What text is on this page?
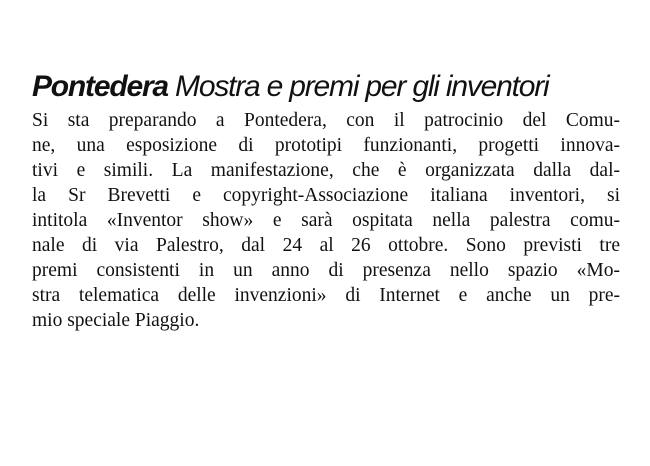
Pontedera Mostra e premi per gli inventori
Si sta preparando a Pontedera, con il patrocinio del Comu-
ne, una esposizione di prototipi funzionanti, progetti innova-
tivi e simili. La manifestazione, che è organizzata dalla dal-
la Sr Brevetti e copyright-Associazione italiana inventori, si
intitola «Inventor show» e sarà ospitata nella palestra comu-
nale di via Palestro, dal 24 al 26 ottobre. Sono previsti tre
premi consistenti in un anno di presenza nello spazio «Mo-
stra telematica delle invenzioni» di Internet e anche un pre-
mio speciale Piaggio.
